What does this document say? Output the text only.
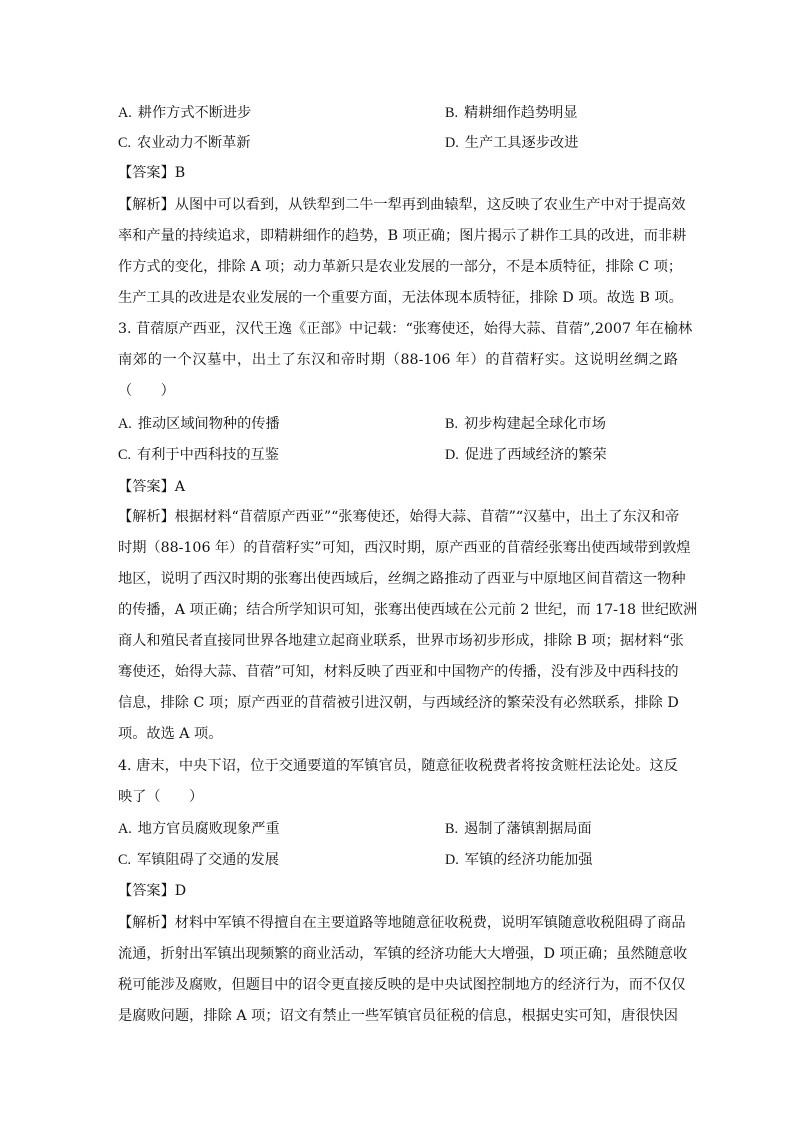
A. 耕作方式不断进步	B. 精耕细作趋势明显
C. 农业动力不断革新	D. 生产工具逐步改进
【答案】B
【解析】从图中可以看到，从铁犁到二牛一犁再到曲辕犁，这反映了农业生产中对于提高效
率和产量的持续追求，即精耕细作的趋势，B 项正确；图片揭示了耕作工具的改进，而非耕
作方式的变化，排除 A 项；动力革新只是农业发展的一部分，不是本质特征，排除 C 项；
生产工具的改进是农业发展的一个重要方面，无法体现本质特征，排除 D 项。故选 B 项。
3. 苜蓿原产西亚，汉代王逸《正部》中记载：“张骞使还，始得大蒜、苜蓿”,2007 年在榆林
南郊的一个汉墓中，出土了东汉和帝时期（88-106 年）的苜蓿籽实。这说明丝绸之路
（　　）
A. 推动区域间物种的传播	B. 初步构建起全球化市场
C. 有利于中西科技的互鉴	D. 促进了西域经济的繁荣
【答案】A
【解析】根据材料“苜蓿原产西亚”“张骞使还，始得大蒜、苜蓿”“汉墓中，出土了东汉和帝
时期（88-106 年）的苜蓿籽实”可知，西汉时期，原产西亚的苜蓿经张骞出使西域带到敦煌
地区，说明了西汉时期的张骞出使西域后，丝绸之路推动了西亚与中原地区间苜蓿这一物种
的传播，A 项正确；结合所学知识可知，张骞出使西域在公元前 2 世纪，而 17-18 世纪欧洲
商人和殖民者直接同世界各地建立起商业联系，世界市场初步形成，排除 B 项；据材料“张
骞使还，始得大蒜、苜蓿”可知，材料反映了西亚和中国物产的传播，没有涉及中西科技的
信息，排除 C 项；原产西亚的苜蓿被引进汉朝，与西域经济的繁荣没有必然联系，排除 D
项。故选 A 项。
4. 唐末，中央下诏，位于交通要道的军镇官员，随意征收税费者将按贪赃枉法论处。这反
映了（　　）
A. 地方官员腐败现象严重	B. 遏制了藩镇割据局面
C. 军镇阻碍了交通的发展	D. 军镇的经济功能加强
【答案】D
【解析】材料中军镇不得擅自在主要道路等地随意征收税费，说明军镇随意收税阻碍了商品
流通，折射出军镇出现频繁的商业活动，军镇的经济功能大大增强，D 项正确；虽然随意收
税可能涉及腐败，但题目中的诏令更直接反映的是中央试图控制地方的经济行为，而不仅仅
是腐败问题，排除 A 项；诏文有禁止一些军镇官员征税的信息，根据史实可知，唐很快因
